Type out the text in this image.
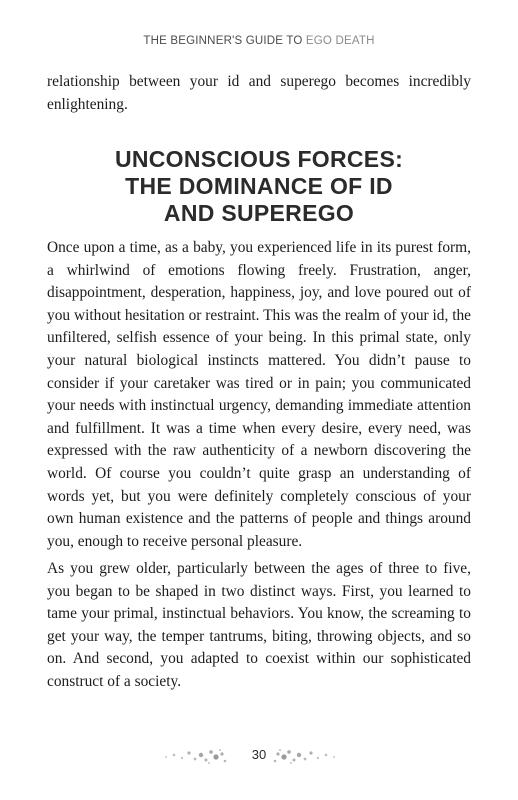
THE BEGINNER'S GUIDE TO EGO DEATH

relationship between your id and superego becomes incredibly enlightening.

UNCONSCIOUS FORCES:
THE DOMINANCE OF ID
AND SUPEREGO

Once upon a time, as a baby, you experienced life in its purest form, a whirlwind of emotions flowing freely. Frustration, anger, disappointment, desperation, happiness, joy, and love poured out of you without hesitation or restraint. This was the realm of your id, the unfiltered, selfish essence of your being. In this primal state, only your natural biological instincts mattered. You didn’t pause to consider if your caretaker was tired or in pain; you communicated your needs with instinctual urgency, demanding immediate attention and fulfillment. It was a time when every desire, every need, was expressed with the raw authenticity of a newborn discovering the world. Of course you couldn’t quite grasp an understanding of words yet, but you were definitely completely conscious of your own human existence and the patterns of people and things around you, enough to receive personal pleasure.

As you grew older, particularly between the ages of three to five, you began to be shaped in two distinct ways. First, you learned to tame your primal, instinctual behaviors. You know, the screaming to get your way, the temper tantrums, biting, throwing objects, and so on. And second, you adapted to coexist within our sophisticated construct of a society.

30
